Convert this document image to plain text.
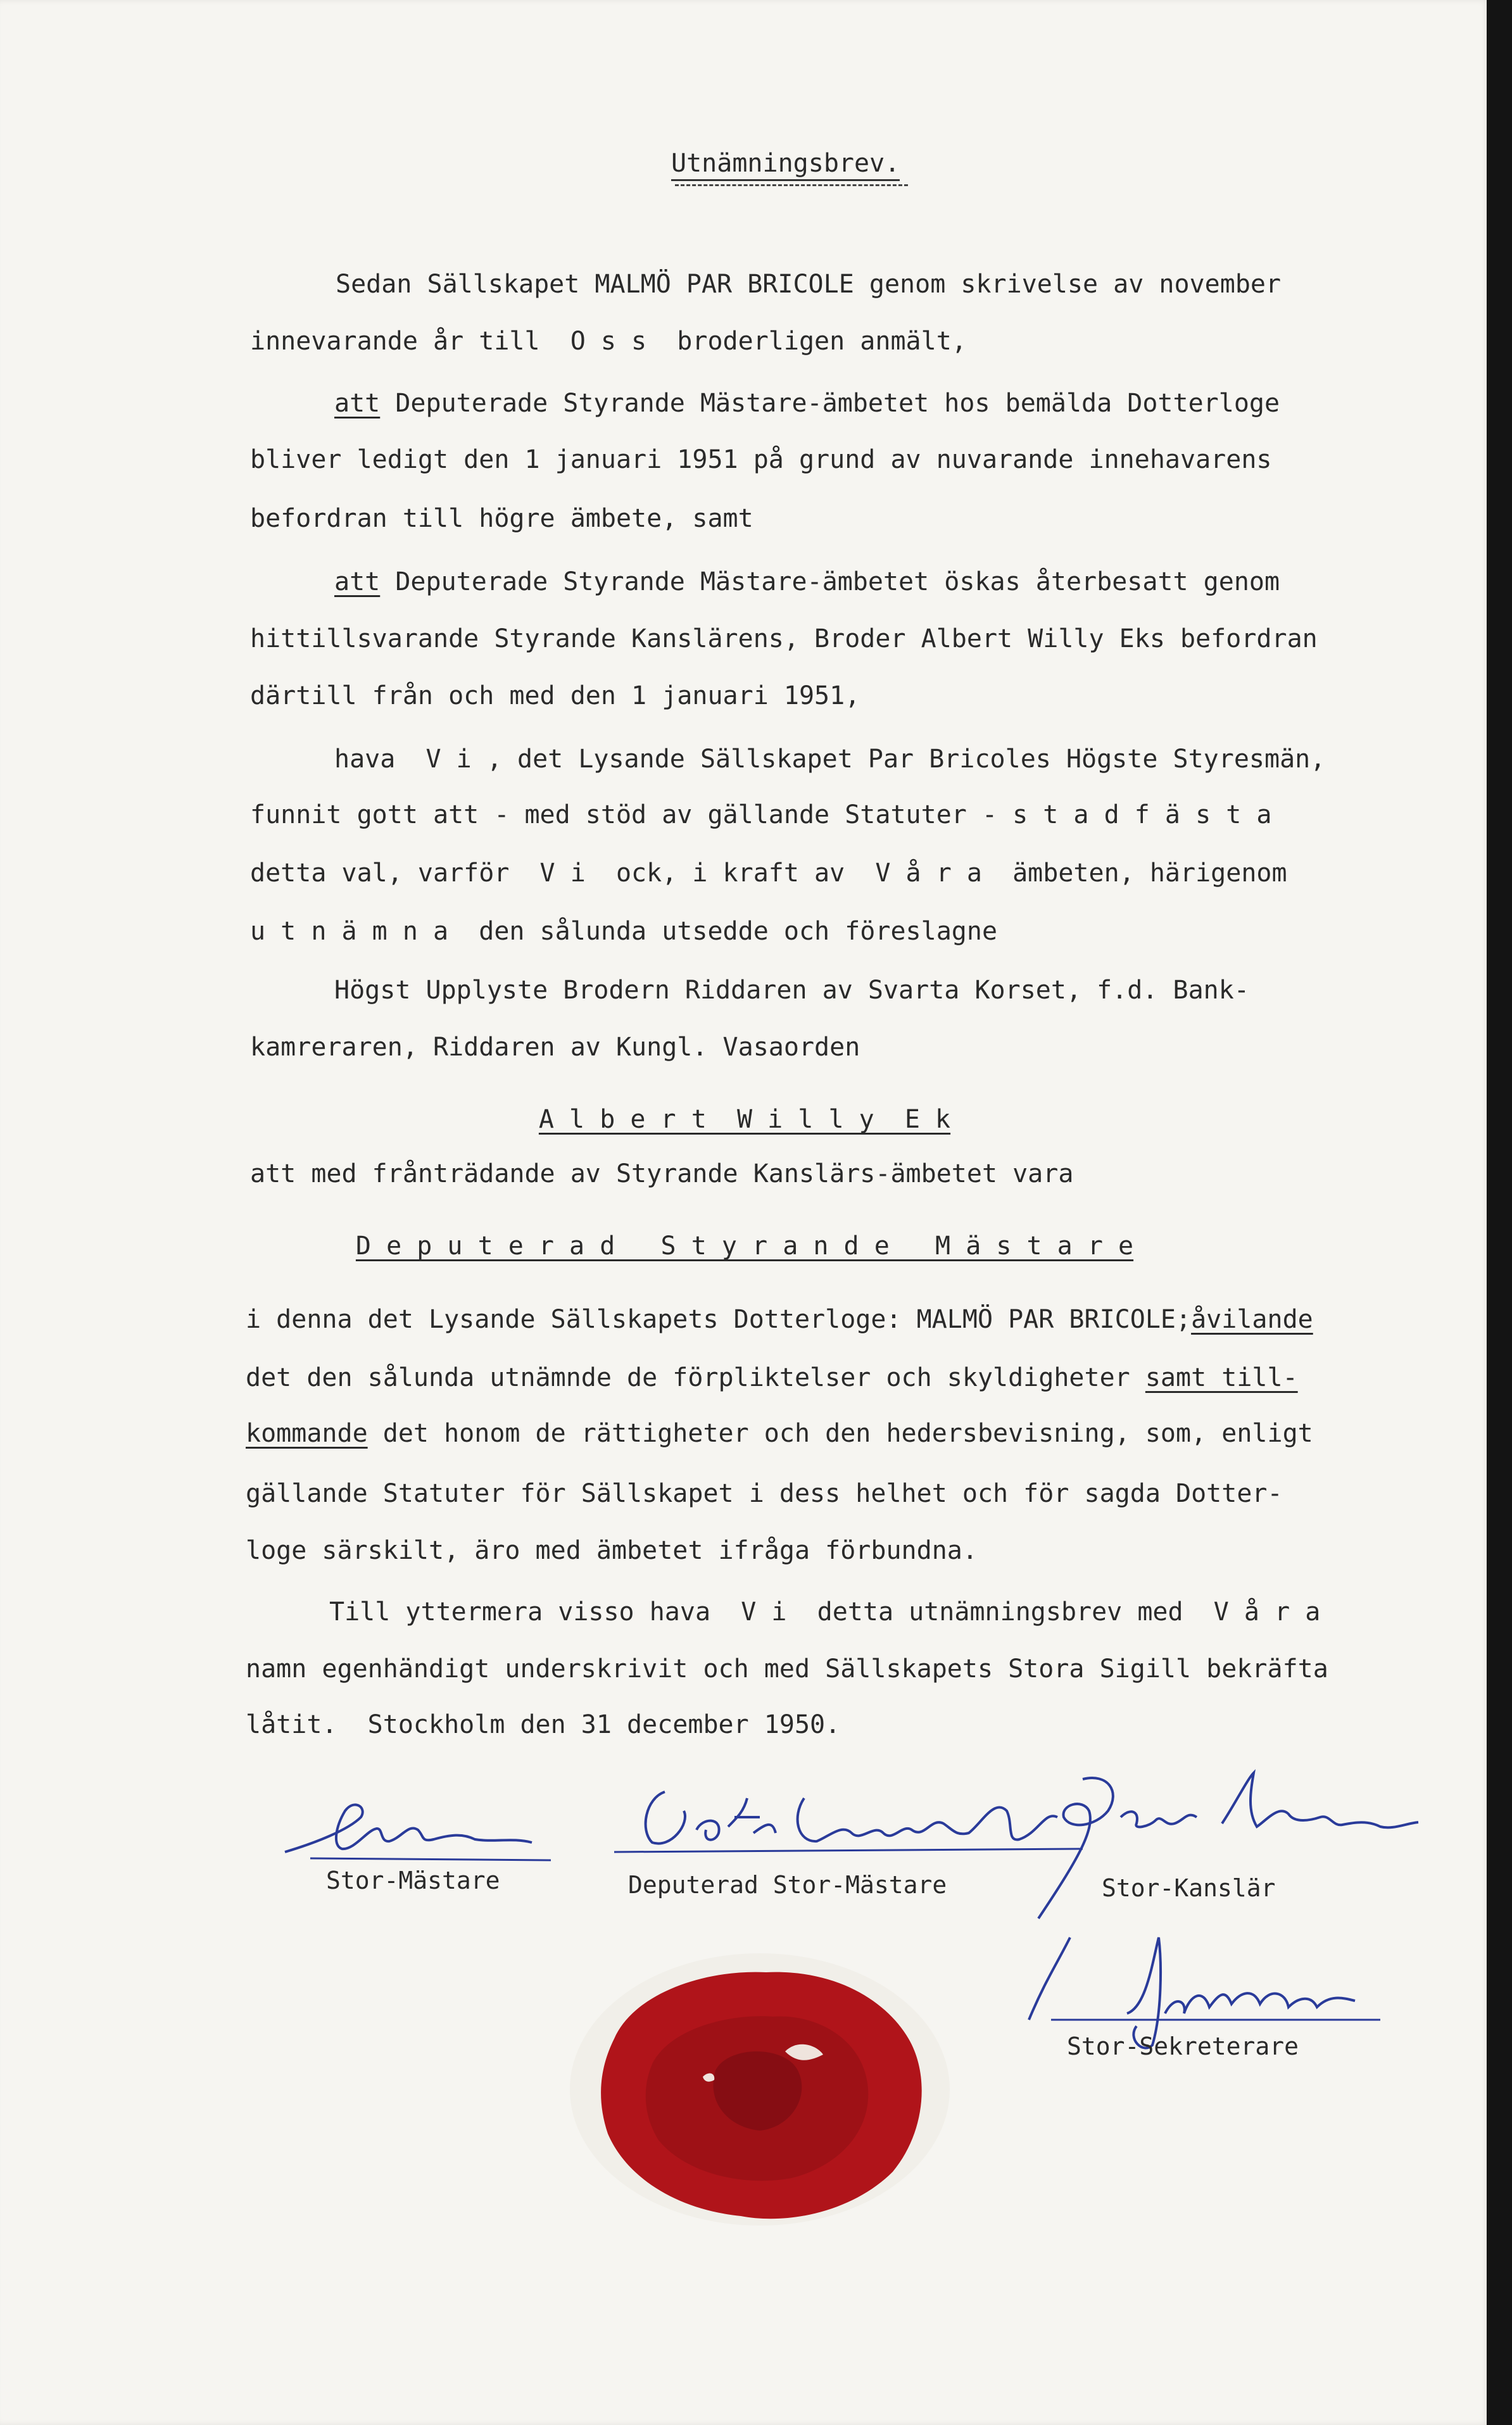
Utnämningsbrev.
Sedan Sällskapet MALMÖ PAR BRICOLE genom skrivelse av november
innevarande år till  O s s  broderligen anmält,
att Deputerade Styrande Mästare-ämbetet hos bemälda Dotterloge
bliver ledigt den 1 januari 1951 på grund av nuvarande innehavarens
befordran till högre ämbete, samt
att Deputerade Styrande Mästare-ämbetet öskas återbesatt genom
hittillsvarande Styrande Kanslärens, Broder Albert Willy Eks befordran
därtill från och med den 1 januari 1951,
hava  V i , det Lysande Sällskapet Par Bricoles Högste Styresmän,
funnit gott att - med stöd av gällande Statuter - s t a d f ä s t a
detta val, varför  V i  ock, i kraft av  V å r a  ämbeten, härigenom
u t n ä m n a  den sålunda utsedde och föreslagne
Högst Upplyste Brodern Riddaren av Svarta Korset, f.d. Bank-
kamreraren, Riddaren av Kungl. Vasaorden
A l b e r t  W i l l y  E k
att med frånträdande av Styrande Kanslärs-ämbetet vara
D e p u t e r a d   S t y r a n d e   M ä s t a r e
i denna det Lysande Sällskapets Dotterloge: MALMÖ PAR BRICOLE;åvilande
det den sålunda utnämnde de förpliktelser och skyldigheter samt till-
kommande det honom de rättigheter och den hedersbevisning, som, enligt
gällande Statuter för Sällskapet i dess helhet och för sagda Dotter-
loge särskilt, äro med ämbetet ifråga förbundna.
Till yttermera visso hava  V i  detta utnämningsbrev med  V å r a
namn egenhändigt underskrivit och med Sällskapets Stora Sigill bekräfta
låtit.  Stockholm den 31 december 1950.
Stor-Mästare	Deputerad Stor-Mästare	Stor-Kanslär
Stor-Sekreterare
